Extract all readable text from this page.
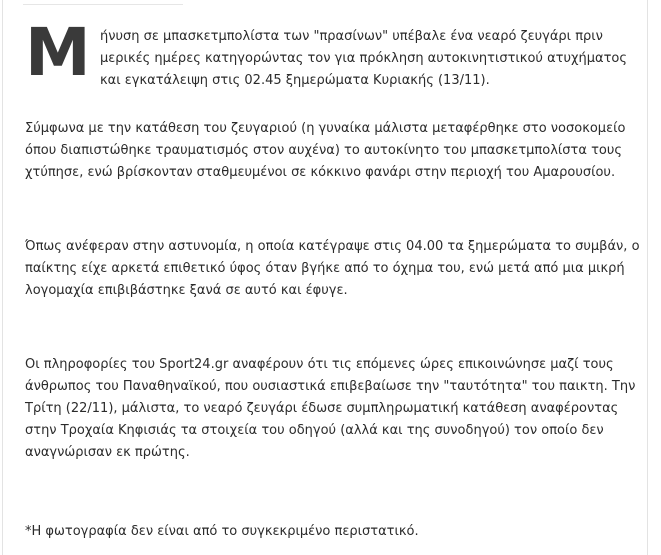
Μ ήνυση σε μπασκετμπολίστα των "πρασίνων" υπέβαλε ένα νεαρό ζευγάρι πριν μερικές ημέρες κατηγορώντας τον για πρόκληση αυτοκινητιστικού ατυχήματος και εγκατάλειψη στις 02.45 ξημερώματα Κυριακής (13/11).

Σύμφωνα με την κατάθεση του ζευγαριού (η γυναίκα μάλιστα μεταφέρθηκε στο νοσοκομείο όπου διαπιστώθηκε τραυματισμός στον αυχένα) το αυτοκίνητο του μπασκετμπολίστα τους χτύπησε, ενώ βρίσκονταν σταθμευμένοι σε κόκκινο φανάρι στην περιοχή του Αμαρουσίου.

Όπως ανέφεραν στην αστυνομία, η οποία κατέγραψε στις 04.00 τα ξημερώματα το συμβάν, ο παίκτης είχε αρκετά επιθετικό ύφος όταν βγήκε από το όχημα του, ενώ μετά από μια μικρή λογομαχία επιβιβάστηκε ξανά σε αυτό και έφυγε.

Οι πληροφορίες του Sport24.gr αναφέρουν ότι τις επόμενες ώρες επικοινώνησε μαζί τους άνθρωπος του Παναθηναϊκού, που ουσιαστικά επιβεβαίωσε την "ταυτότητα" του παικτη. Την Τρίτη (22/11), μάλιστα, το νεαρό ζευγάρι έδωσε συμπληρωματική κατάθεση αναφέροντας στην Τροχαία Κηφισιάς τα στοιχεία του οδηγού (αλλά και της συνοδηγού) τον οποίο δεν αναγνώρισαν εκ πρώτης.

*Η φωτογραφία δεν είναι από το συγκεκριμένο περιστατικό.
